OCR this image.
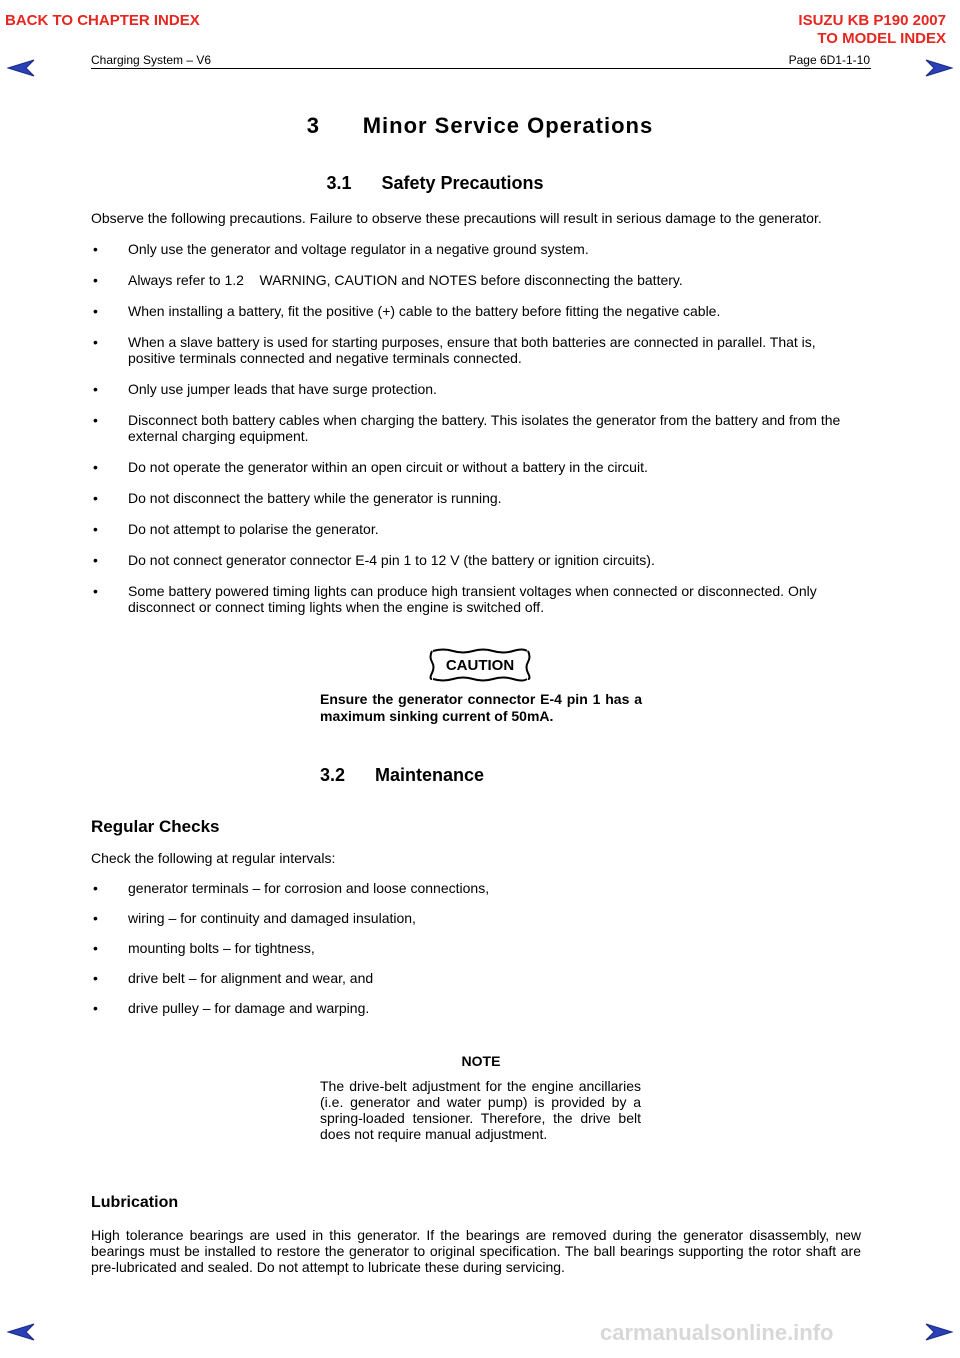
BACK TO CHAPTER INDEX	ISUZU KB P190 2007
TO MODEL INDEX
Charging System – V6	Page 6D1-1-10
3      Minor Service Operations
3.1      Safety Precautions
Observe the following precautions. Failure to observe these precautions will result in serious damage to the generator.
• Only use the generator and voltage regulator in a negative ground system.
• Always refer to 1.2    WARNING, CAUTION and NOTES before disconnecting the battery.
• When installing a battery, fit the positive (+) cable to the battery before fitting the negative cable.
• When a slave battery is used for starting purposes, ensure that both batteries are connected in parallel. That is, positive terminals connected and negative terminals connected.
• Only use jumper leads that have surge protection.
• Disconnect both battery cables when charging the battery. This isolates the generator from the battery and from the external charging equipment.
• Do not operate the generator within an open circuit or without a battery in the circuit.
• Do not disconnect the battery while the generator is running.
• Do not attempt to polarise the generator.
• Do not connect generator connector E-4 pin 1 to 12 V (the battery or ignition circuits).
• Some battery powered timing lights can produce high transient voltages when connected or disconnected. Only disconnect or connect timing lights when the engine is switched off.
CAUTION
Ensure the generator connector E-4 pin 1 has a maximum sinking current of 50mA.
3.2      Maintenance
Regular Checks
Check the following at regular intervals:
• generator terminals – for corrosion and loose connections,
• wiring – for continuity and damaged insulation,
• mounting bolts – for tightness,
• drive belt – for alignment and wear, and
• drive pulley – for damage and warping.
NOTE
The drive-belt adjustment for the engine ancillaries (i.e. generator and water pump) is provided by a spring-loaded tensioner. Therefore, the drive belt does not require manual adjustment.
Lubrication
High tolerance bearings are used in this generator. If the bearings are removed during the generator disassembly, new bearings must be installed to restore the generator to original specification. The ball bearings supporting the rotor shaft are pre-lubricated and sealed. Do not attempt to lubricate these during servicing.
carmanualsonline.info
